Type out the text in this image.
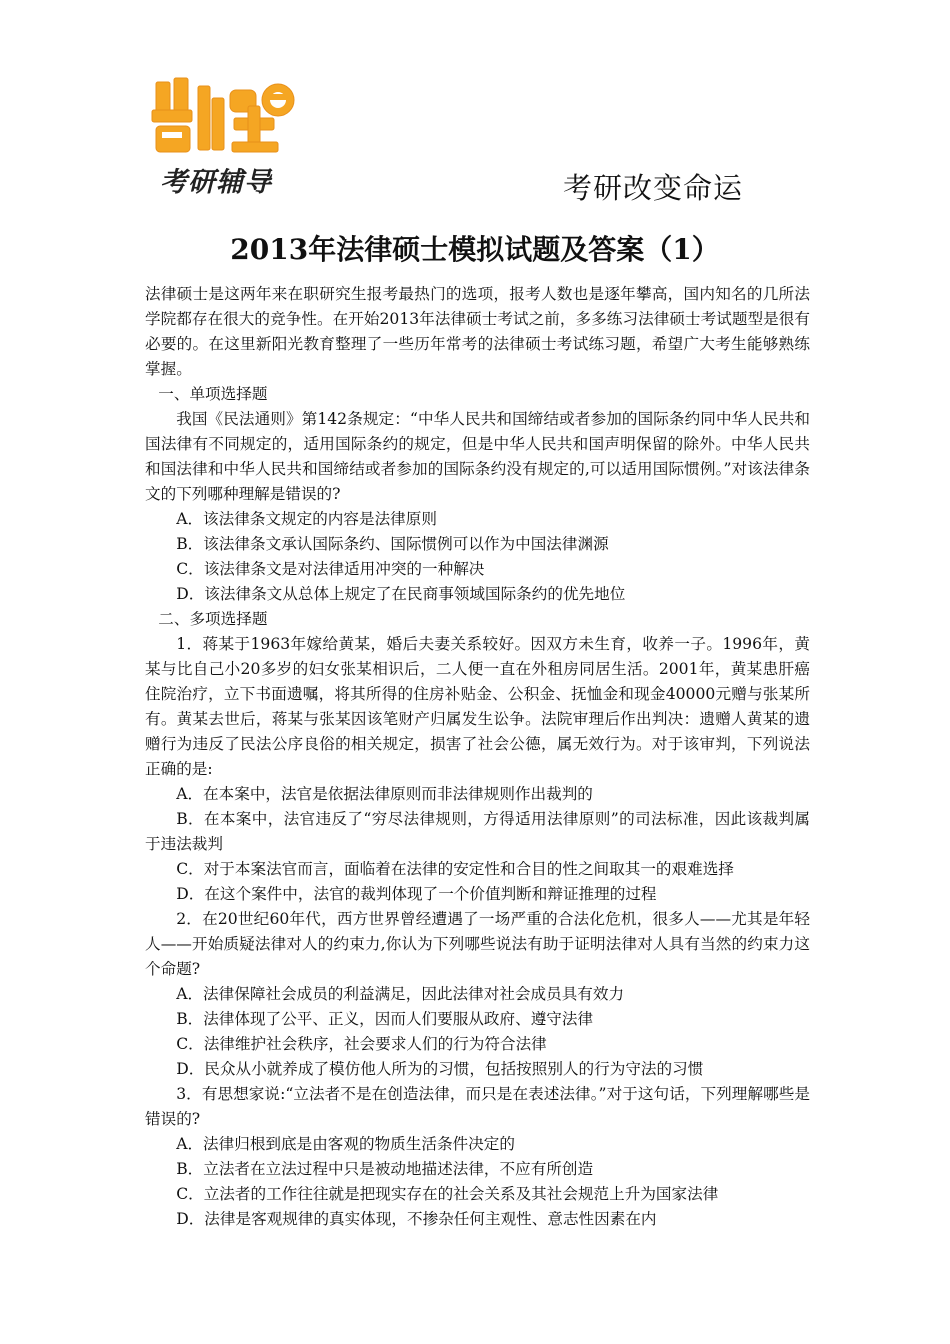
考研辅导	考研改变命运
2013年法律硕士模拟试题及答案（1）

法律硕士是这两年来在职研究生报考最热门的选项，报考人数也是逐年攀高，国内知名的几所法学院都存在很大的竞争性。在开始2013年法律硕士考试之前，多多练习法律硕士考试题型是很有必要的。在这里新阳光教育整理了一些历年常考的法律硕士考试练习题，希望广大考生能够熟练掌握。

一、单项选择题

我国《民法通则》第142条规定：“中华人民共和国缔结或者参加的国际条约同中华人民共和国法律有不同规定的，适用国际条约的规定，但是中华人民共和国声明保留的除外。中华人民共和国法律和中华人民共和国缔结或者参加的国际条约没有规定的,可以适用国际惯例。”对该法律条文的下列哪种理解是错误的?

A．该法律条文规定的内容是法律原则

B．该法律条文承认国际条约、国际惯例可以作为中国法律渊源

C．该法律条文是对法律适用冲突的一种解决

D．该法律条文从总体上规定了在民商事领域国际条约的优先地位

二、多项选择题

1．蒋某于1963年嫁给黄某，婚后夫妻关系较好。因双方未生育，收养一子。1996年，黄某与比自己小20多岁的妇女张某相识后，二人便一直在外租房同居生活。2001年，黄某患肝癌住院治疗，立下书面遗嘱，将其所得的住房补贴金、公积金、抚恤金和现金40000元赠与张某所有。黄某去世后，蒋某与张某因该笔财产归属发生讼争。法院审理后作出判决：遗赠人黄某的遗赠行为违反了民法公序良俗的相关规定，损害了社会公德，属无效行为。对于该审判，下列说法正确的是:

A．在本案中，法官是依据法律原则而非法律规则作出裁判的

B．在本案中，法官违反了“穷尽法律规则，方得适用法律原则”的司法标准，因此该裁判属于违法裁判

C．对于本案法官而言，面临着在法律的安定性和合目的性之间取其一的艰难选择

D．在这个案件中，法官的裁判体现了一个价值判断和辩证推理的过程

2．在20世纪60年代，西方世界曾经遭遇了一场严重的合法化危机，很多人——尤其是年轻人——开始质疑法律对人的约束力,你认为下列哪些说法有助于证明法律对人具有当然的约束力这个命题?

A．法律保障社会成员的利益满足，因此法律对社会成员具有效力

B．法律体现了公平、正义，因而人们要服从政府、遵守法律

C．法律维护社会秩序，社会要求人们的行为符合法律

D．民众从小就养成了模仿他人所为的习惯，包括按照别人的行为守法的习惯

3．有思想家说:“立法者不是在创造法律，而只是在表述法律。”对于这句话，下列理解哪些是错误的?

A．法律归根到底是由客观的物质生活条件决定的

B．立法者在立法过程中只是被动地描述法律，不应有所创造

C．立法者的工作往往就是把现实存在的社会关系及其社会规范上升为国家法律

D．法律是客观规律的真实体现，不掺杂任何主观性、意志性因素在内
